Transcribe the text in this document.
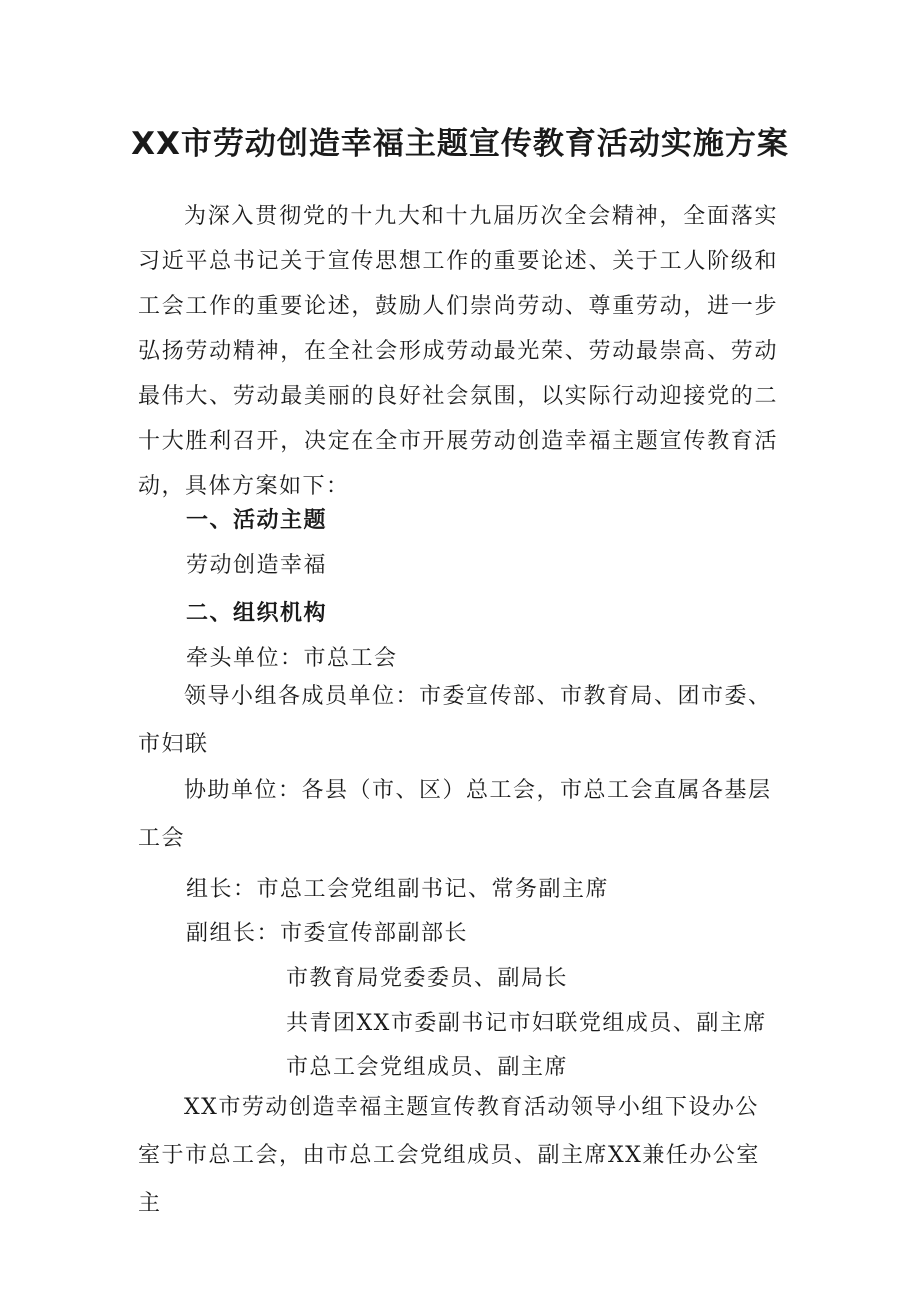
XX市劳动创造幸福主题宣传教育活动实施方案

为深入贯彻党的十九大和十九届历次全会精神，全面落实习近平总书记关于宣传思想工作的重要论述、关于工人阶级和工会工作的重要论述，鼓励人们崇尚劳动、尊重劳动，进一步弘扬劳动精神，在全社会形成劳动最光荣、劳动最崇高、劳动最伟大、劳动最美丽的良好社会氛围，以实际行动迎接党的二十大胜利召开，决定在全市开展劳动创造幸福主题宣传教育活动，具体方案如下：

一、活动主题

劳动创造幸福

二、组织机构

牵头单位：市总工会

领导小组各成员单位：市委宣传部、市教育局、团市委、市妇联

协助单位：各县（市、区）总工会，市总工会直属各基层工会

组长：市总工会党组副书记、常务副主席

副组长：市委宣传部副部长

市教育局党委委员、副局长

共青团XX市委副书记市妇联党组成员、副主席

市总工会党组成员、副主席

XX市劳动创造幸福主题宣传教育活动领导小组下设办公室于市总工会，由市总工会党组成员、副主席XX兼任办公室主
